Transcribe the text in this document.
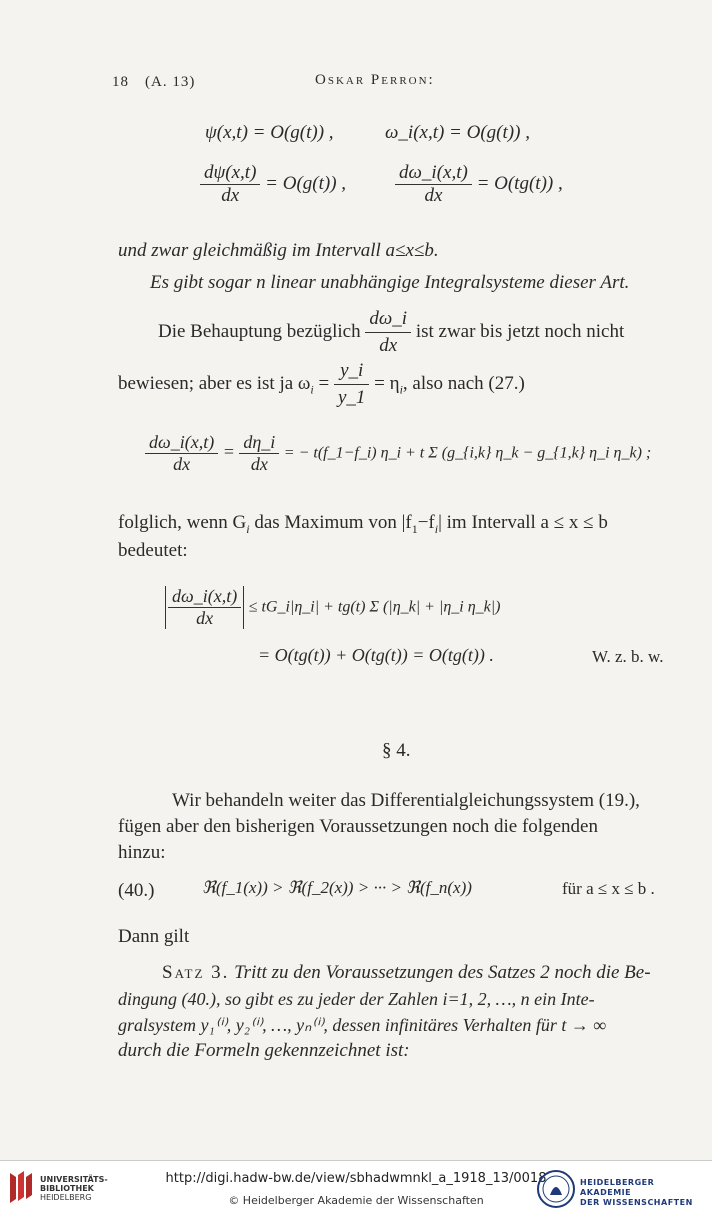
18 (A. 13)	Oskar Perron:
ψ(x,t) = O(g(t)) ,	ω_i(x,t) = O(g(t)) ,
$\frac{d\psi(x,t)}{dx} = O(g(t))$ ,	$\frac{d\omega\_i(x,t)}{dx} = O(tg(t))$ ,
und zwar gleichmäßig im Intervall a≤x≤b.
Es gibt sogar n linear unabhängige Integralsysteme dieser Art.
Die Behauptung bezüglich $\frac{d\omega\_i}{dx}$ ist zwar bis jetzt noch nicht
bewiesen; aber es ist ja $\omega_i = \frac{y\_i}{y\_1} = \eta_i$, also nach (27.)
$\frac{d\omega\_i(x,t)}{dx} = \frac{d\eta\_i}{dx}$ = − t(f_1−f_i) η_i + t Σ (g_{i,k} η_k − g_{1,k} η_i η_k) ;
folglich, wenn $G_i$ das Maximum von $|f_1-f_i|$ im Intervall a ≤ x ≤ b
bedeutet:
$\frac{d\omega\_i(x,t)}{dx}$ ≤ tG_i|η_i| + tg(t) Σ (|η_k| + |η_i η_k|)
= O(tg(t)) + O(tg(t)) = O(tg(t)) .	W. z. b. w.
§ 4.
Wir behandeln weiter das Differentialgleichungssystem (19.),
fügen aber den bisherigen Voraussetzungen noch die folgenden
hinzu:
(40.)	ℜ(f_1(x)) > ℜ(f_2(x)) > ··· > ℜ(f_n(x))	für a ≤ x ≤ b .
Dann gilt
Satz 3. Tritt zu den Voraussetzungen des Satzes 2 noch die Be-
dingung (40.), so gibt es zu jeder der Zahlen i=1, 2, …, n ein Inte-
gralsystem y₁⁽ⁱ⁾, y₂⁽ⁱ⁾, …, yₙ⁽ⁱ⁾, dessen infinitäres Verhalten für t → ∞
durch die Formeln gekennzeichnet ist:
UNIVERSITÄTS-
BIBLIOTHEK
HEIDELBERG
http://digi.hadw-bw.de/view/sbhadwmnkl_a_1918_13/0018
© Heidelberger Akademie der Wissenschaften
HEIDELBERGER AKADEMIE
DER WISSENSCHAFTEN
